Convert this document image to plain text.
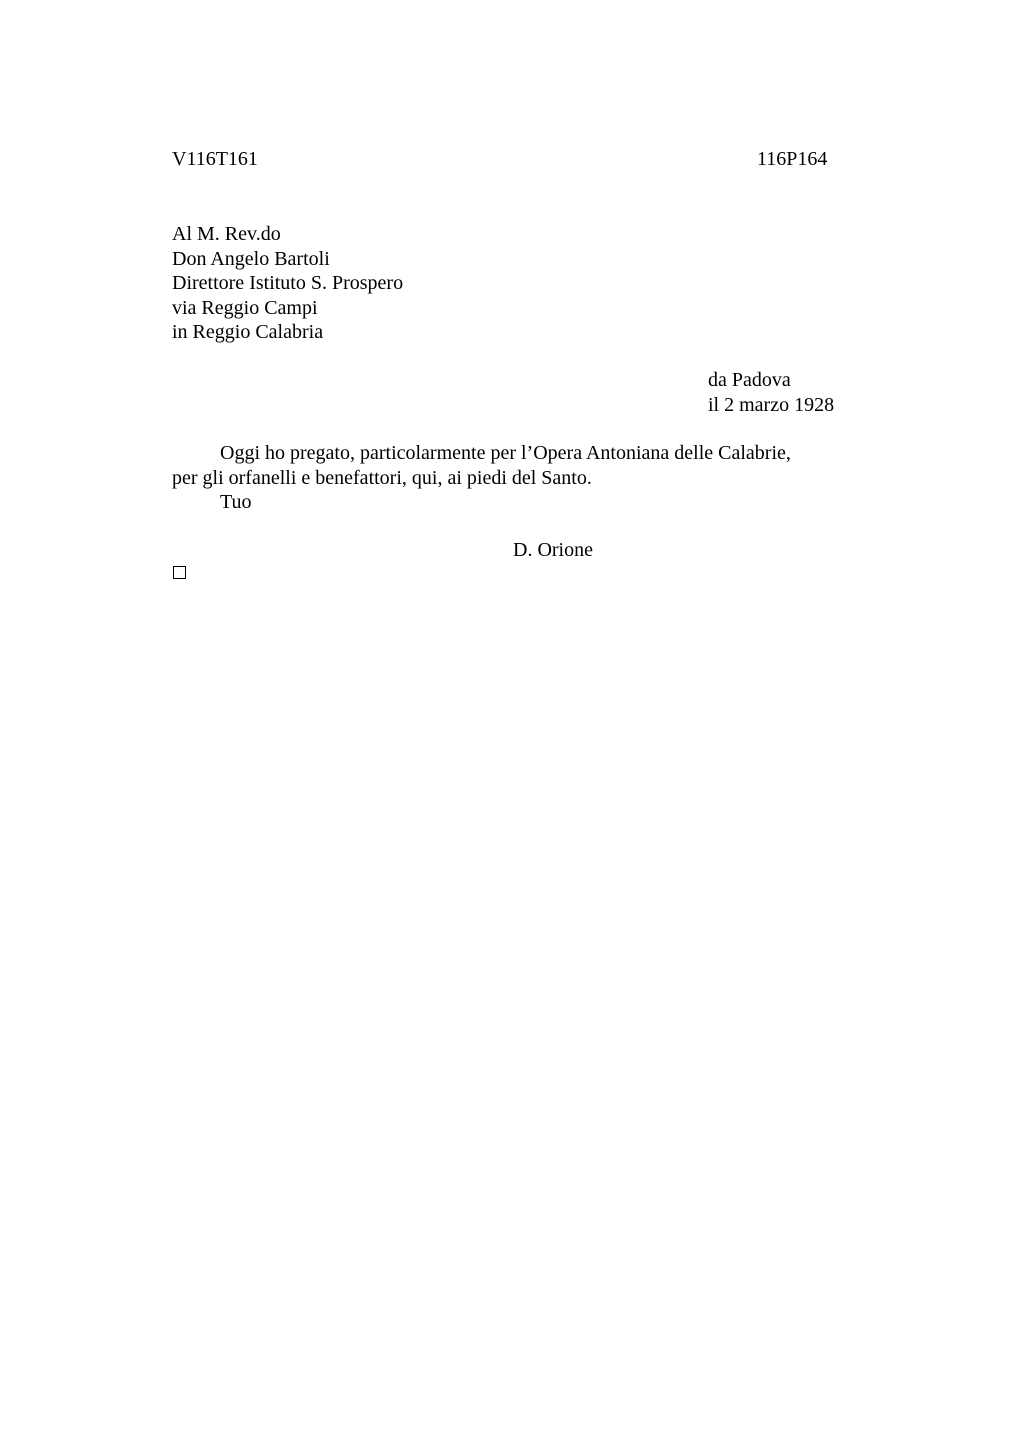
V116T161	116P164
Al M. Rev.do
Don Angelo Bartoli
Direttore Istituto S. Prospero
via Reggio Campi
in Reggio Calabria
da Padova
il 2 marzo 1928
Oggi ho pregato, particolarmente per l’Opera Antoniana delle Calabrie,
per gli orfanelli e benefattori, qui, ai piedi del Santo.
Tuo
D. Orione
